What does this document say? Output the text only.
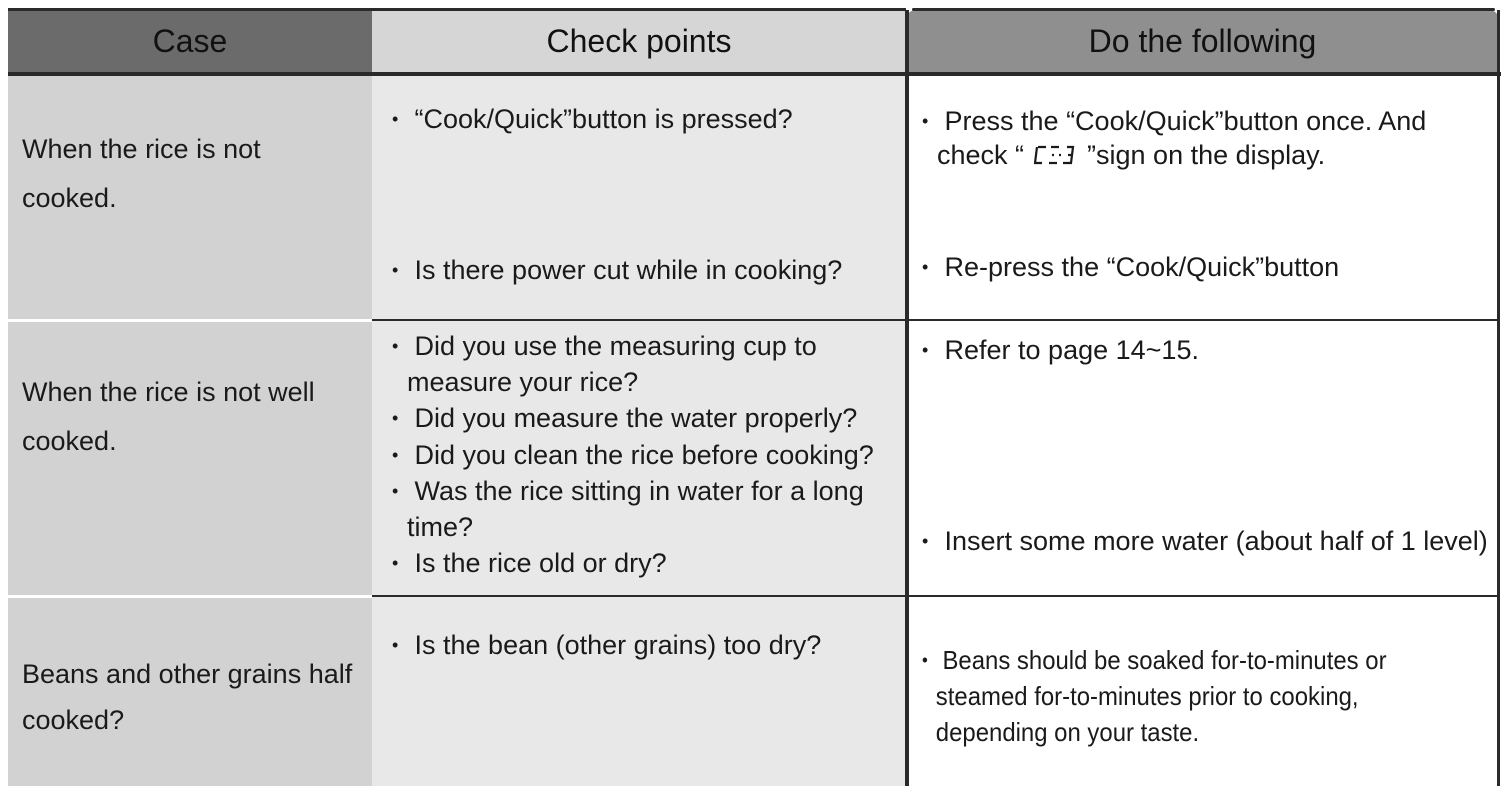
Case	Check points	Do the following
When the rice is not
cooked.
• “Cook/Quick”button is pressed?
• Is there power cut while in cooking?
• Press the “Cook/Quick”button once. And
check “
”sign on the display.
• Re-press the “Cook/Quick”button
When the rice is not well
cooked.
• Did you use the measuring cup to
measure your rice?
• Did you measure the water properly?
• Did you clean the rice before cooking?
• Was the rice sitting in water for a long
time?
• Is the rice old or dry?
• Refer to page 14~15.
• Insert some more water (about half of 1 level)
Beans and other grains half
cooked?
• Is the bean (other grains) too dry?
•	Beans should be soaked for-to-minutes or
steamed for-to-minutes prior to cooking,
depending on your taste.
